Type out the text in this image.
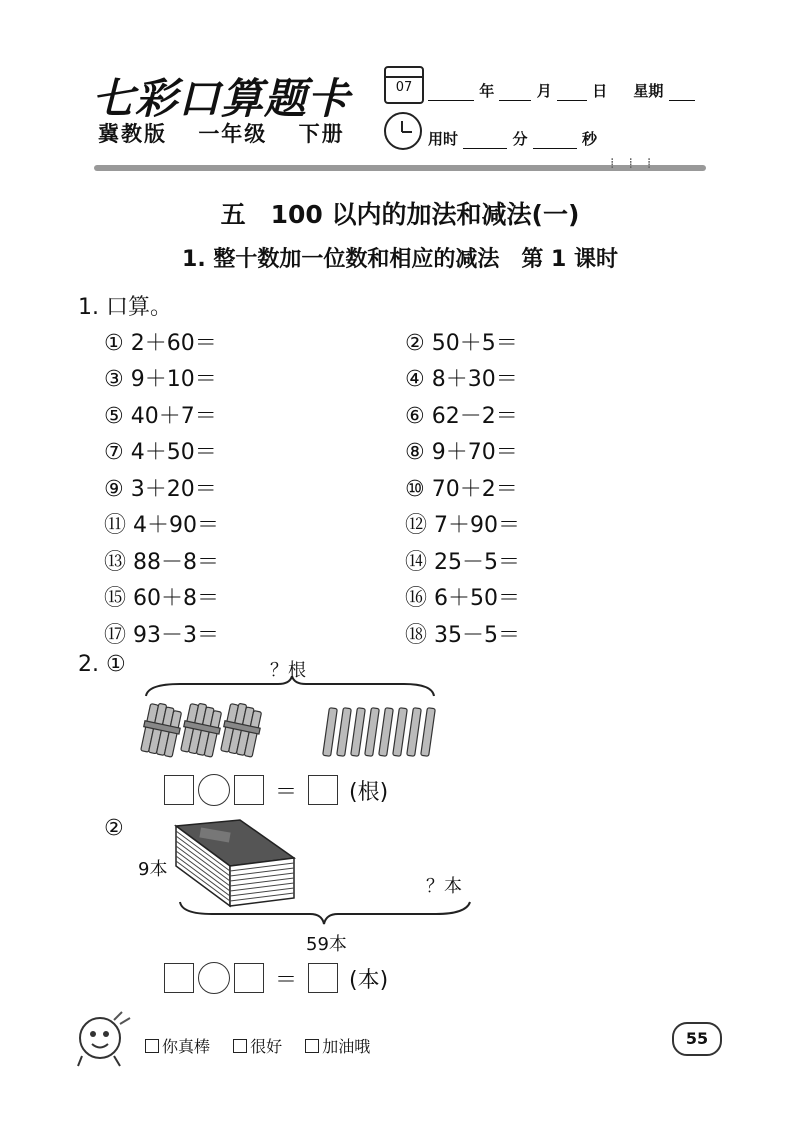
七彩口算题卡
冀教版 一年级 下册
07	年	月	日 星期
用时	分	秒
⁞⁞⁞
五　100 以内的加法和减法(一)
1. 整十数加一位数和相应的减法　第 1 课时
1. 口算。
① 2＋60＝	② 50＋5＝
③ 9＋10＝	④ 8＋30＝
⑤ 40＋7＝	⑥ 62－2＝
⑦ 4＋50＝	⑧ 9＋70＝
⑨ 3＋20＝	⑩ 70＋2＝
⑪ 4＋90＝	⑫ 7＋90＝
⑬ 88－8＝	⑭ 25－5＝
⑮ 60＋8＝	⑯ 6＋50＝
⑰ 93－3＝	⑱ 35－5＝
2. ①	？根
＝ (根)
②
9本
？本
59本
＝ (本)
你真棒	很好	加油哦	55
